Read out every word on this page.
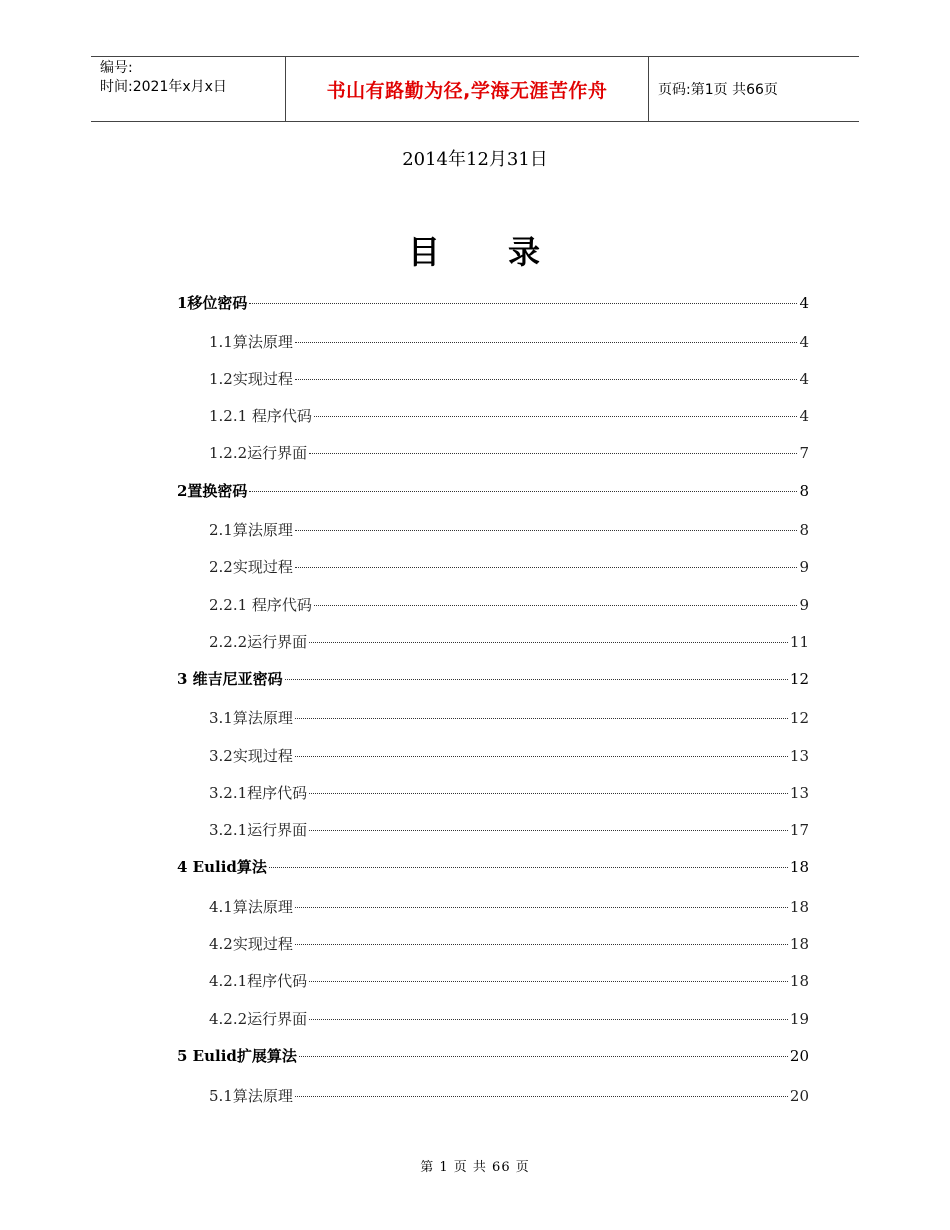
编号:
时间:2021年x月x日	书山有路勤为径,学海无涯苦作舟	页码:第1页 共66页
2014年12月31日
目 录
1移位密码	4
1.1算法原理	4
1.2实现过程	4
1.2.1 程序代码	4
1.2.2运行界面	7
2置换密码	8
2.1算法原理	8
2.2实现过程	9
2.2.1 程序代码	9
2.2.2运行界面	11
3 维吉尼亚密码	12
3.1算法原理	12
3.2实现过程	13
3.2.1程序代码	13
3.2.1运行界面	17
4 Eulid算法	18
4.1算法原理	18
4.2实现过程	18
4.2.1程序代码	18
4.2.2运行界面	19
5 Eulid扩展算法	20
5.1算法原理	20
第 1 页 共 66 页
